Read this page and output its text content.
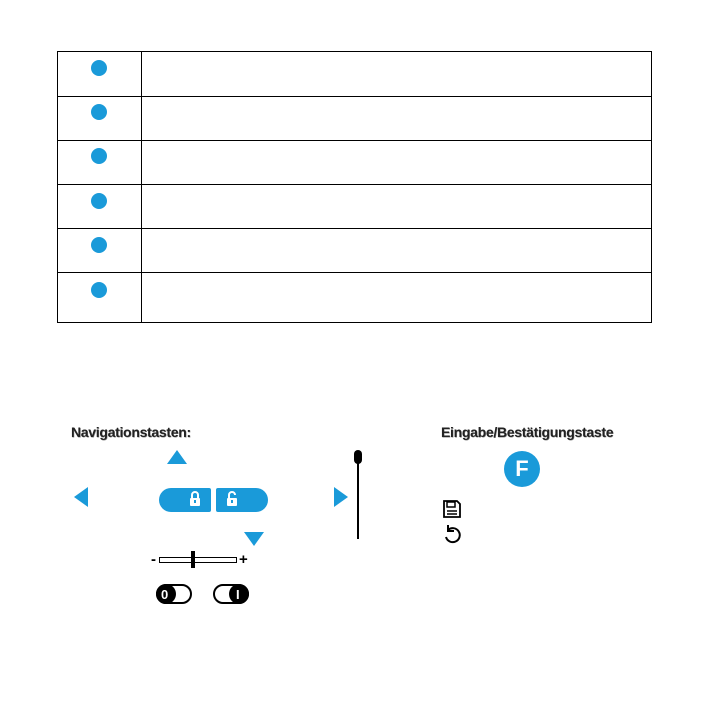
Navigationstasten:
-	+
0	I
Eingabe/Bestätigungstaste
F
